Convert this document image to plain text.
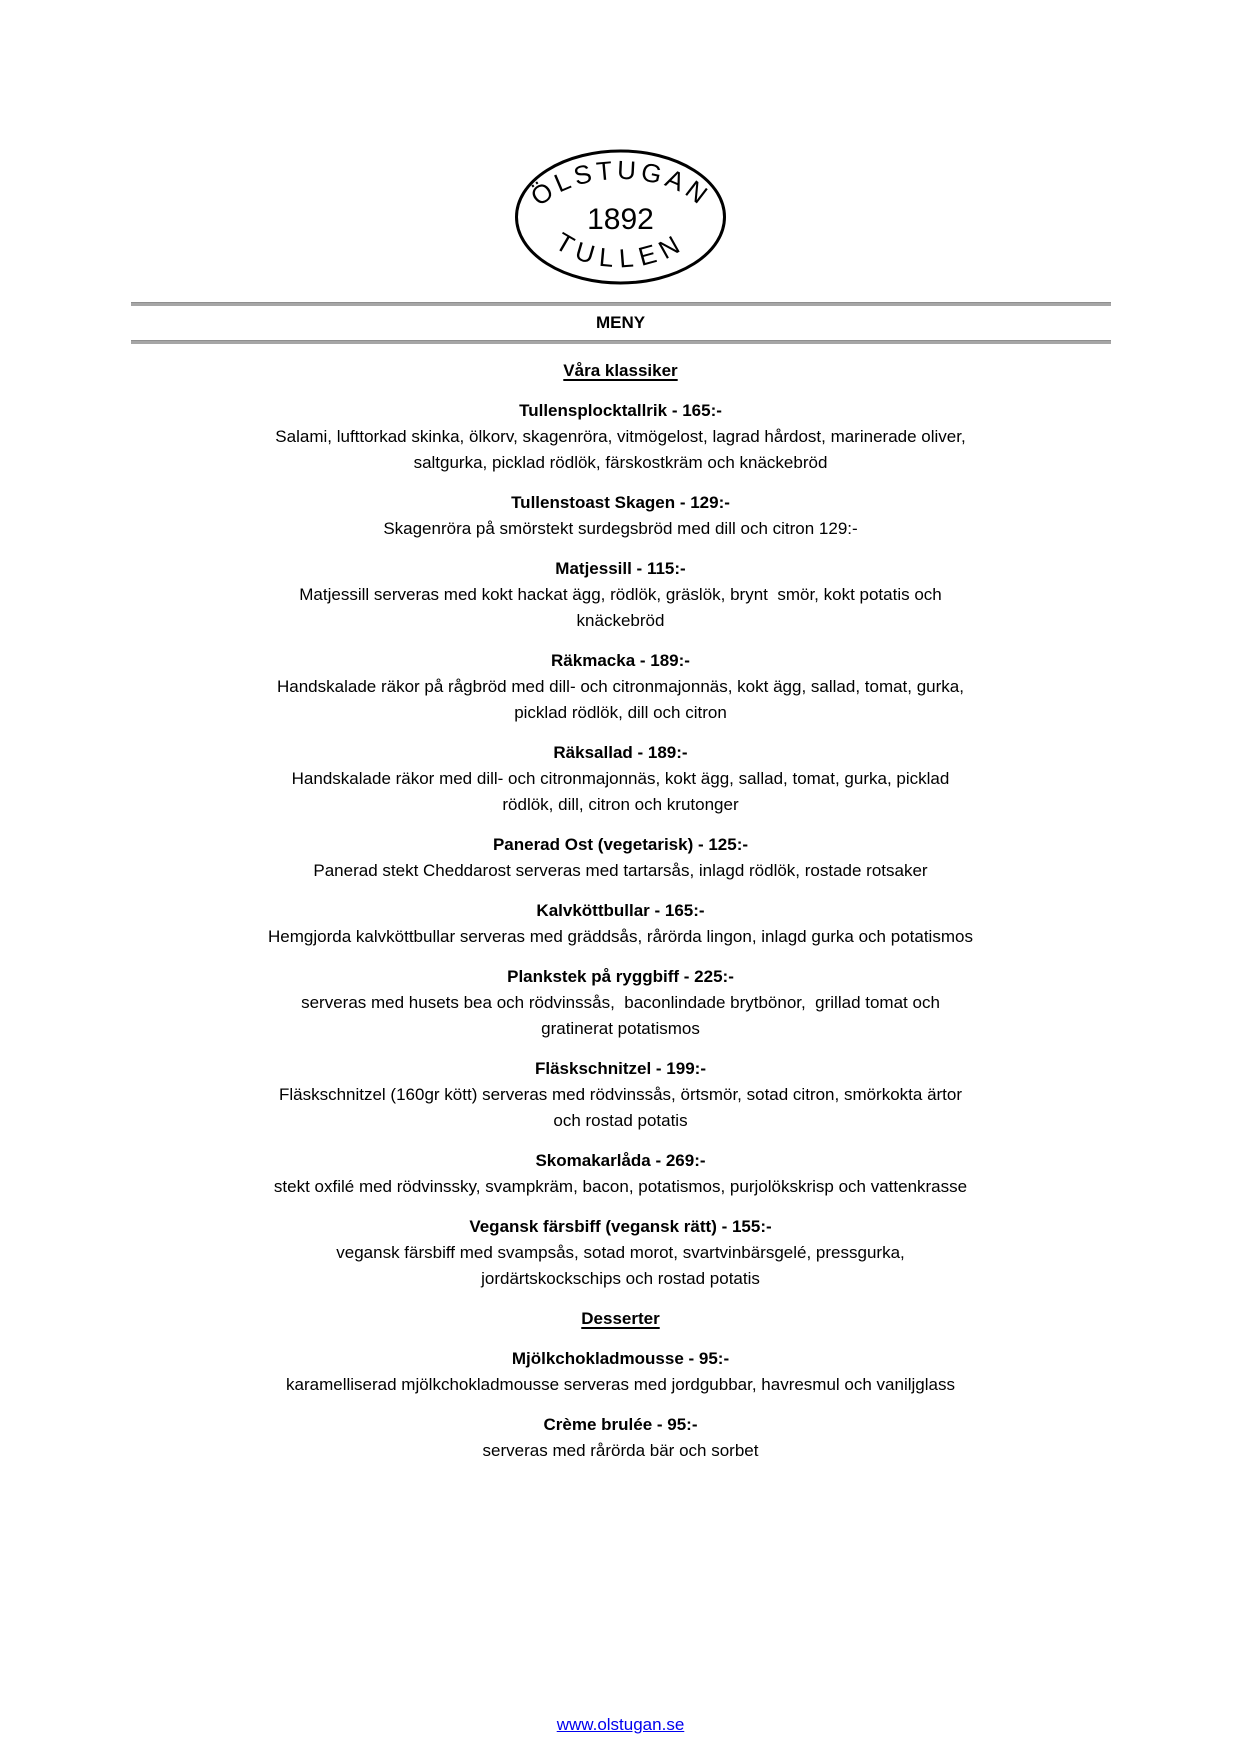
ÖLSTUGAN
1892
TULLEN
MENY
Våra klassiker
Tullensplocktallrik - 165:-
Salami, lufttorkad skinka, ölkorv, skagenröra, vitmögelost, lagrad hårdost, marinerade oliver,
saltgurka, picklad rödlök, färskostkräm och knäckebröd
Tullenstoast Skagen - 129:-
Skagenröra på smörstekt surdegsbröd med dill och citron 129:-
Matjessill - 115:-
Matjessill serveras med kokt hackat ägg, rödlök, gräslök, brynt  smör, kokt potatis och
knäckebröd
Räkmacka - 189:-
Handskalade räkor på rågbröd med dill- och citronmajonnäs, kokt ägg, sallad, tomat, gurka,
picklad rödlök, dill och citron
Räksallad - 189:-
Handskalade räkor med dill- och citronmajonnäs, kokt ägg, sallad, tomat, gurka, picklad
rödlök, dill, citron och krutonger
Panerad Ost (vegetarisk) - 125:-
Panerad stekt Cheddarost serveras med tartarsås, inlagd rödlök, rostade rotsaker
Kalvköttbullar - 165:-
Hemgjorda kalvköttbullar serveras med gräddsås, rårörda lingon, inlagd gurka och potatismos
Plankstek på ryggbiff - 225:-
serveras med husets bea och rödvinssås,  baconlindade brytbönor,  grillad tomat och
gratinerat potatismos
Fläskschnitzel - 199:-
Fläskschnitzel (160gr kött) serveras med rödvinssås, örtsmör, sotad citron, smörkokta ärtor
och rostad potatis
Skomakarlåda - 269:-
stekt oxfilé med rödvinssky, svampkräm, bacon, potatismos, purjolökskrisp och vattenkrasse
Vegansk färsbiff (vegansk rätt) - 155:-
vegansk färsbiff med svampsås, sotad morot, svartvinbärsgelé, pressgurka,
jordärtskockschips och rostad potatis
Desserter
Mjölkchokladmousse - 95:-
karamelliserad mjölkchokladmousse serveras med jordgubbar, havresmul och vaniljglass
Crème brulée - 95:-
serveras med rårörda bär och sorbet
www.olstugan.se
